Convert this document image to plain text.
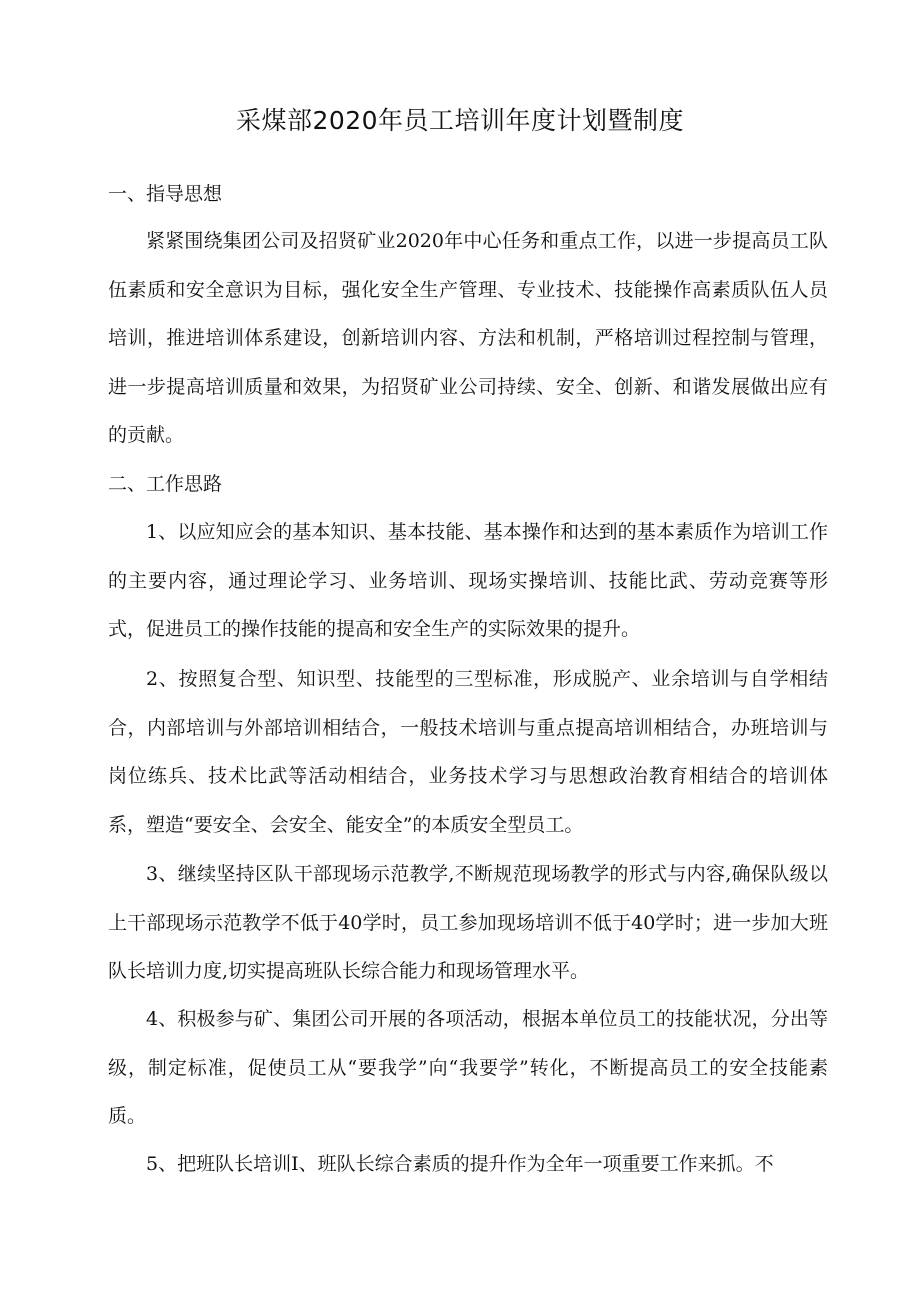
采煤部2020年员工培训年度计划暨制度
一、指导思想
紧紧围绕集团公司及招贤矿业2020年中心任务和重点工作，以进一步提高员工队伍素质和安全意识为目标，强化安全生产管理、专业技术、技能操作高素质队伍人员培训，推进培训体系建设，创新培训内容、方法和机制，严格培训过程控制与管理，进一步提高培训质量和效果，为招贤矿业公司持续、安全、创新、和谐发展做出应有的贡献。
二、工作思路
1、以应知应会的基本知识、基本技能、基本操作和达到的基本素质作为培训工作的主要内容，通过理论学习、业务培训、现场实操培训、技能比武、劳动竞赛等形式，促进员工的操作技能的提高和安全生产的实际效果的提升。
2、按照复合型、知识型、技能型的三型标准，形成脱产、业余培训与自学相结合，内部培训与外部培训相结合，一般技术培训与重点提高培训相结合，办班培训与岗位练兵、技术比武等活动相结合，业务技术学习与思想政治教育相结合的培训体系，塑造“要安全、会安全、能安全”的本质安全型员工。
3、继续坚持区队干部现场示范教学,不断规范现场教学的形式与内容,确保队级以上干部现场示范教学不低于40学时，员工参加现场培训不低于40学时；进一步加大班队长培训力度,切实提高班队长综合能力和现场管理水平。
4、积极参与矿、集团公司开展的各项活动，根据本单位员工的技能状况，分出等级，制定标准，促使员工从“要我学”向“我要学”转化，不断提高员工的安全技能素质。
5、把班队长培训I、班队长综合素质的提升作为全年一项重要工作来抓。不
